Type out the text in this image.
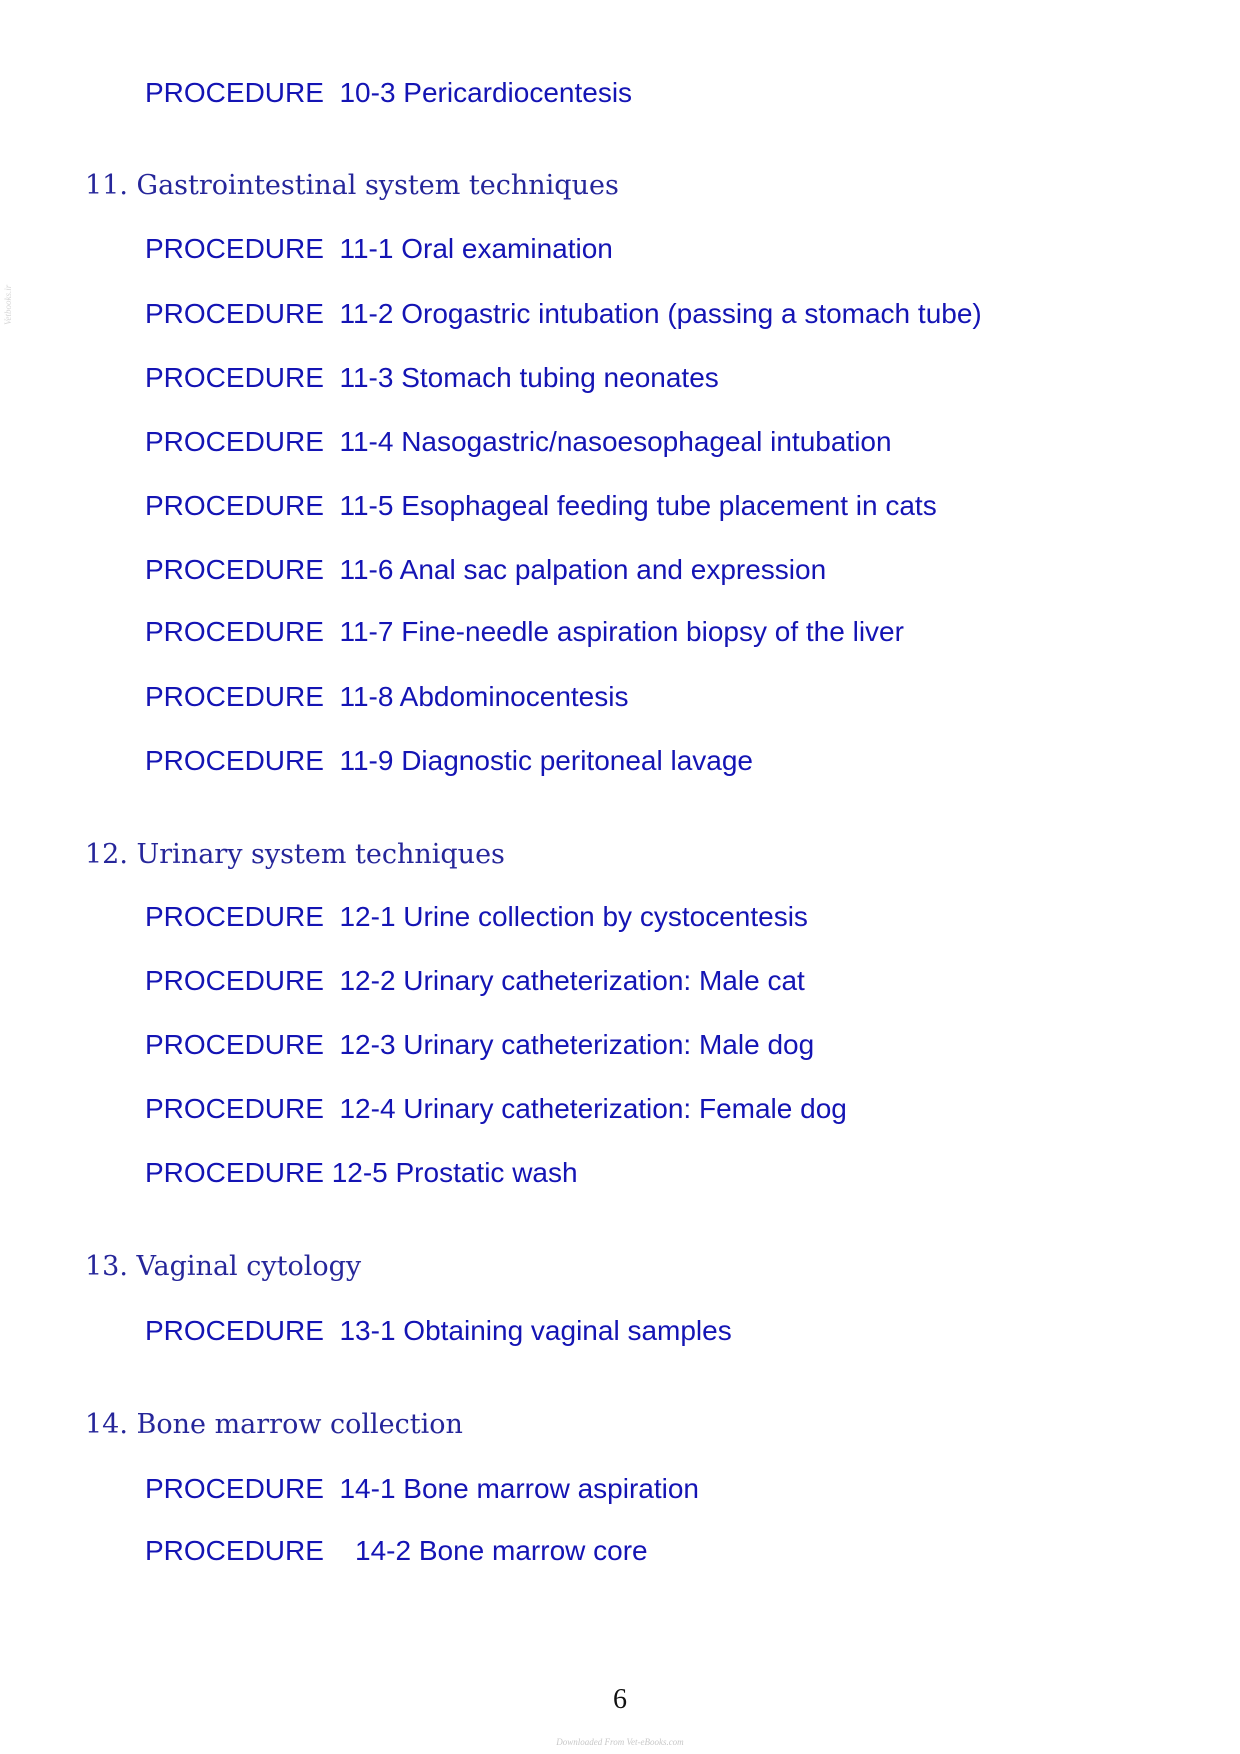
Vetbooks.ir
PROCEDURE  10-3 Pericardiocentesis
11. Gastrointestinal system techniques
PROCEDURE  11-1 Oral examination
PROCEDURE  11-2 Orogastric intubation (passing a stomach tube)
PROCEDURE  11-3 Stomach tubing neonates
PROCEDURE  11-4 Nasogastric/nasoesophageal intubation
PROCEDURE  11-5 Esophageal feeding tube placement in cats
PROCEDURE  11-6 Anal sac palpation and expression
PROCEDURE  11-7 Fine-needle aspiration biopsy of the liver
PROCEDURE  11-8 Abdominocentesis
PROCEDURE  11-9 Diagnostic peritoneal lavage
12. Urinary system techniques
PROCEDURE  12-1 Urine collection by cystocentesis
PROCEDURE  12-2 Urinary catheterization: Male cat
PROCEDURE  12-3 Urinary catheterization: Male dog
PROCEDURE  12-4 Urinary catheterization: Female dog
PROCEDURE 12-5 Prostatic wash
13. Vaginal cytology
PROCEDURE  13-1 Obtaining vaginal samples
14. Bone marrow collection
PROCEDURE  14-1 Bone marrow aspiration
PROCEDURE    14-2 Bone marrow core
6
Downloaded From Vet-eBooks.com
